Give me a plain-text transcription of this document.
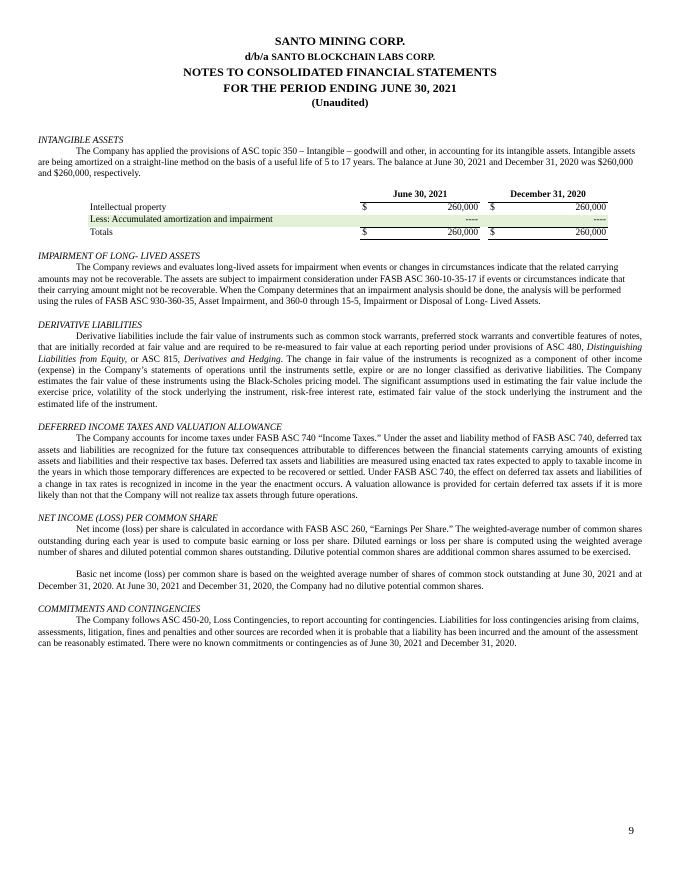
SANTO MINING CORP.
d/b/a SANTO BLOCKCHAIN LABS CORP.
NOTES TO CONSOLIDATED FINANCIAL STATEMENTS
FOR THE PERIOD ENDING JUNE 30, 2021
(Unaudited)
INTANGIBLE ASSETS

The Company has applied the provisions of ASC topic 350 – Intangible – goodwill and other, in accounting for its intangible assets. Intangible assets are being amortized on a straight-line method on the basis of a useful life of 5 to 17 years. The balance at June 30, 2021 and December 31, 2020 was $260,000 and $260,000, respectively.

	June 30, 2021			December 31, 2020	
Intellectual property	$	260,000		$	260,000
Less: Accumulated amortization and impairment		----			----
Totals	$	260,000		$	260,000
IMPAIRMENT OF LONG- LIVED ASSETS

The Company reviews and evaluates long-lived assets for impairment when events or changes in circumstances indicate that the related carrying amounts may not be recoverable. The assets are subject to impairment consideration under FASB ASC 360-10-35-17 if events or circumstances indicate that their carrying amount might not be recoverable. When the Company determines that an impairment analysis should be done, the analysis will be performed using the rules of FASB ASC 930-360-35, Asset Impairment, and 360-0 through 15-5, Impairment or Disposal of Long- Lived Assets.

DERIVATIVE LIABILITIES

Derivative liabilities include the fair value of instruments such as common stock warrants, preferred stock warrants and convertible features of notes, that are initially recorded at fair value and are required to be re-measured to fair value at each reporting period under provisions of ASC 480, Distinguishing Liabilities from Equity, or ASC 815, Derivatives and Hedging. The change in fair value of the instruments is recognized as a component of other income (expense) in the Company’s statements of operations until the instruments settle, expire or are no longer classified as derivative liabilities. The Company estimates the fair value of these instruments using the Black-Scholes pricing model. The significant assumptions used in estimating the fair value include the exercise price, volatility of the stock underlying the instrument, risk-free interest rate, estimated fair value of the stock underlying the instrument and the estimated life of the instrument.

DEFERRED INCOME TAXES AND VALUATION ALLOWANCE

The Company accounts for income taxes under FASB ASC 740 “Income Taxes.” Under the asset and liability method of FASB ASC 740, deferred tax assets and liabilities are recognized for the future tax consequences attributable to differences between the financial statements carrying amounts of existing assets and liabilities and their respective tax bases. Deferred tax assets and liabilities are measured using enacted tax rates expected to apply to taxable income in the years in which those temporary differences are expected to be recovered or settled. Under FASB ASC 740, the effect on deferred tax assets and liabilities of a change in tax rates is recognized in income in the year the enactment occurs. A valuation allowance is provided for certain deferred tax assets if it is more likely than not that the Company will not realize tax assets through future operations.

NET INCOME (LOSS) PER COMMON SHARE

Net income (loss) per share is calculated in accordance with FASB ASC 260, “Earnings Per Share.” The weighted-average number of common shares outstanding during each year is used to compute basic earning or loss per share. Diluted earnings or loss per share is computed using the weighted average number of shares and diluted potential common shares outstanding. Dilutive potential common shares are additional common shares assumed to be exercised.

Basic net income (loss) per common share is based on the weighted average number of shares of common stock outstanding at June 30, 2021 and at December 31, 2020. At June 30, 2021 and December 31, 2020, the Company had no dilutive potential common shares.

COMMITMENTS AND CONTINGENCIES

The Company follows ASC 450-20, Loss Contingencies, to report accounting for contingencies. Liabilities for loss contingencies arising from claims, assessments, litigation, fines and penalties and other sources are recorded when it is probable that a liability has been incurred and the amount of the assessment can be reasonably estimated. There were no known commitments or contingencies as of June 30, 2021 and December 31, 2020.

9
